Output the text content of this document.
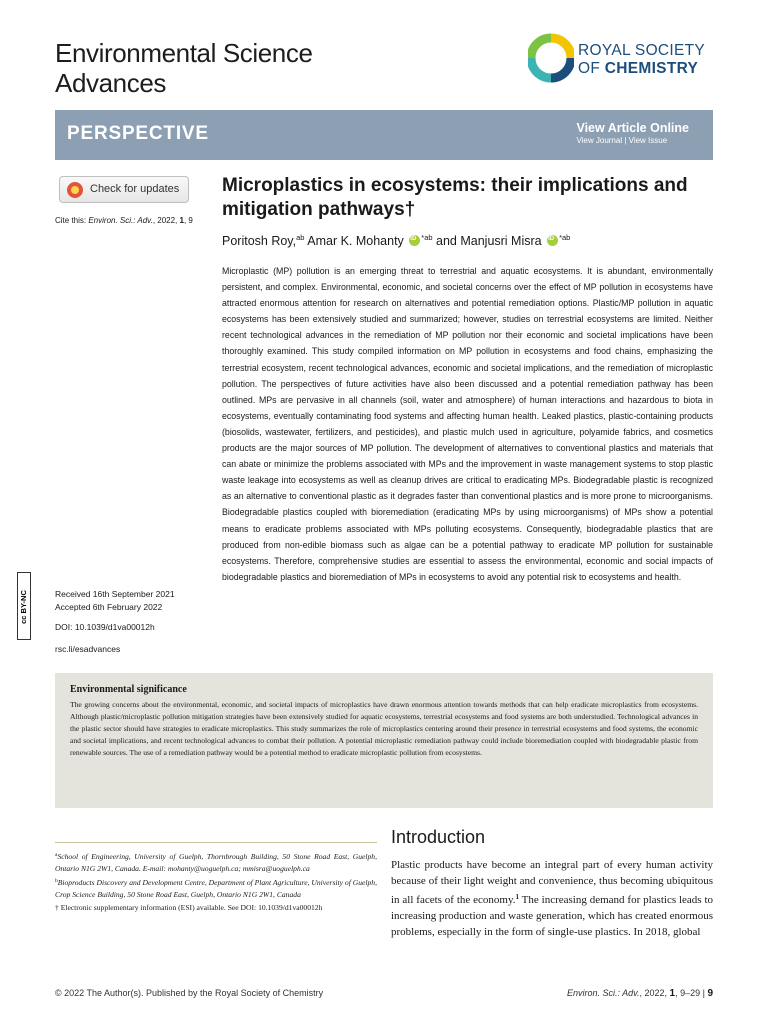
Environmental Science
Advances
ROYAL SOCIETY
OF CHEMISTRY
PERSPECTIVE	View Article Online
View Journal | View Issue
Check for updates
Cite this: Environ. Sci.: Adv., 2022, 1, 9
cc BY-NC	Received 16th September 2021
Accepted 6th February 2022
DOI: 10.1039/d1va00012h
rsc.li/esadvances
Microplastics in ecosystems: their implications and mitigation pathways†
Poritosh Roy,$^{ab}$ Amar K. Mohanty $iD^{*ab}$ and Manjusri Misra $iD^{*ab}$
Microplastic (MP) pollution is an emerging threat to terrestrial and aquatic ecosystems. It is abundant, environmentally persistent, and complex. Environmental, economic, and societal concerns over the effect of MP pollution in ecosystems have attracted enormous attention for research on alternatives and potential remediation options. Plastic/MP pollution in aquatic ecosystems has been extensively studied and summarized; however, studies on terrestrial ecosystems are limited. Neither recent technological advances in the remediation of MP pollution nor their economic and societal implications have been thoroughly examined. This study compiled information on MP pollution in ecosystems and food chains, emphasizing the terrestrial ecosystem, recent technological advances, economic and societal implications, and the remediation of microplastic pollution. The perspectives of future activities have also been discussed and a potential remediation pathway has been outlined. MPs are pervasive in all channels (soil, water and atmosphere) of human interactions and hazardous to biota in ecosystems, eventually contaminating food systems and affecting human health. Leaked plastics, plastic-containing products (biosolids, wastewater, fertilizers, and pesticides), and plastic mulch used in agriculture, polyamide fabrics, and cosmetics products are the major sources of MP pollution. The development of alternatives to conventional plastics and materials that can abate or minimize the problems associated with MPs and the improvement in waste management systems to stop plastic waste leakage into ecosystems as well as cleanup drives are critical to eradicating MPs. Biodegradable plastic is recognized as an alternative to conventional plastic as it degrades faster than conventional plastics and is more prone to microorganisms. Biodegradable plastics coupled with bioremediation (eradicating MPs by using microorganisms) of MPs show a potential means to eradicate problems associated with MPs polluting ecosystems. Consequently, biodegradable plastics that are produced from non-edible biomass such as algae can be a potential pathway to eradicate MP pollution for sustainable ecosystems. Therefore, comprehensive studies are essential to assess the environmental, economic and social impacts of biodegradable plastics and bioremediation of MPs in ecosystems to avoid any potential risk to ecosystems and health.
Environmental significance
The growing concerns about the environmental, economic, and societal impacts of microplastics have drawn enormous attention towards methods that can help eradicate microplastics from ecosystems. Although plastic/microplastic pollution mitigation strategies have been extensively studied for aquatic ecosystems, terrestrial ecosystems and food systems are both understudied. Technological advances in the plastic sector should have strategies to eradicate microplastics. This study summarizes the role of microplastics centering around their presence in terrestrial ecosystems and food systems, the economic and societal implications, and recent technological advances to combat their pollution. A potential microplastic remediation pathway could include bioremediation coupled with biodegradable plastic from renewable sources. The use of a remediation pathway would be a potential method to eradicate microplastic pollution from ecosystems.

$^a$School of Engineering, University of Guelph, Thornbrough Building, 50 Stone Road East, Guelph, Ontario N1G 2W1, Canada. E-mail: mohanty@uoguelph.ca; mmisra@uoguelph.ca

$^b$Bioproducts Discovery and Development Centre, Department of Plant Agriculture, University of Guelph, Crop Science Building, 50 Stone Road East, Guelph, Ontario N1G 2W1, Canada

† Electronic supplementary information (ESI) available. See DOI: 10.1039/d1va00012h

Introduction
Plastic products have become an integral part of every human activity because of their light weight and convenience, thus becoming ubiquitous in all facets of the economy.$^1$ The increasing demand for plastics leads to increasing production and waste generation, which has created enormous problems, especially in the form of single-use plastics. In 2018, global
© 2022 The Author(s). Published by the Royal Society of Chemistry	Environ. Sci.: Adv., 2022, 1, 9–29 | 9
